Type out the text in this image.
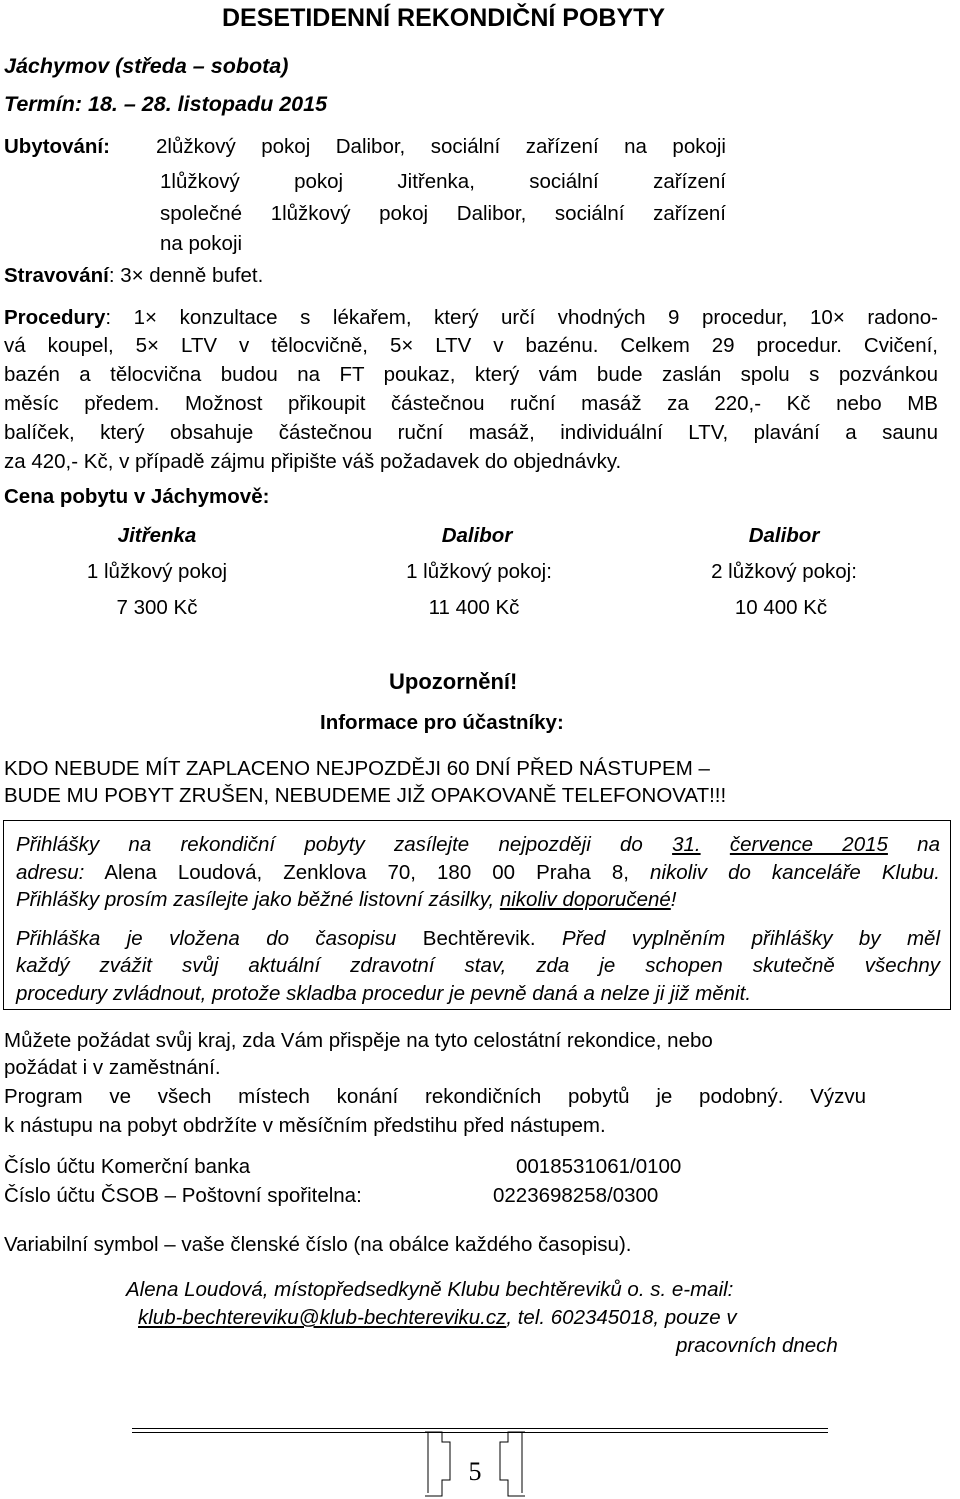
DESETIDENNÍ REKONDIČNÍ POBYTY
Jáchymov (středa – sobota)
Termín: 18. – 28. listopadu 2015
Ubytování: 2lůžkový pokoj Dalibor, sociální zařízení na pokoji
1lůžkový pokoj Jitřenka, sociální zařízení
společné 1lůžkový pokoj Dalibor, sociální zařízení
na pokoji
Stravování: 3× denně bufet.
Procedury: 1× konzultace s lékařem, který určí vhodných 9 procedur, 10× radono-
vá koupel, 5× LTV v tělocvičně, 5× LTV v bazénu. Celkem 29 procedur. Cvičení,
bazén a tělocvična budou na FT poukaz, který vám bude zaslán spolu s pozvánkou
měsíc předem. Možnost přikoupit částečnou ruční masáž za 220,- Kč nebo MB
balíček, který obsahuje částečnou ruční masáž, individuální LTV, plavání a saunu
za 420,- Kč, v případě zájmu připište váš požadavek do objednávky.
Cena pobytu v Jáchymově:
Jitřenka	Dalibor	Dalibor
1 lůžkový pokoj	1 lůžkový pokoj:	2 lůžkový pokoj:
7 300 Kč	11 400 Kč	10 400 Kč
Upozornění!
Informace pro účastníky:
KDO NEBUDE MÍT ZAPLACENO NEJPOZDĚJI 60 DNÍ PŘED NÁSTUPEM –
BUDE MU POBYT ZRUŠEN, NEBUDEME JIŽ OPAKOVANĚ TELEFONOVAT!!!
Přihlášky na rekondiční pobyty zasílejte nejpozději do 31. července 2015 na
adresu: Alena Loudová, Zenklova 70, 180 00 Praha 8, nikoliv do kanceláře Klubu.
Přihlášky prosím zasílejte jako běžné listovní zásilky, nikoliv doporučené!
Přihláška je vložena do časopisu Bechtěrevik. Před vyplněním přihlášky by měl
každý zvážit svůj aktuální zdravotní stav, zda je schopen skutečně všechny
procedury zvládnout, protože skladba procedur je pevně daná a nelze ji již měnit.
Můžete požádat svůj kraj, zda Vám přispěje na tyto celostátní rekondice, nebo
požádat i v zaměstnání.
Program ve všech místech konání rekondičních pobytů je podobný. Výzvu
k nástupu na pobyt obdržíte v měsíčním předstihu před nástupem.
Číslo účtu Komerční banka	0018531061/0100
Číslo účtu ČSOB – Poštovní spořitelna:	0223698258/0300
Variabilní symbol – vaše členské číslo (na obálce každého časopisu).
Alena Loudová, místopředsedkyně Klubu bechtěreviků o. s. e-mail:
klub-bechtereviku@klub-bechtereviku.cz, tel. 602345018, pouze v
pracovních dnech
5
